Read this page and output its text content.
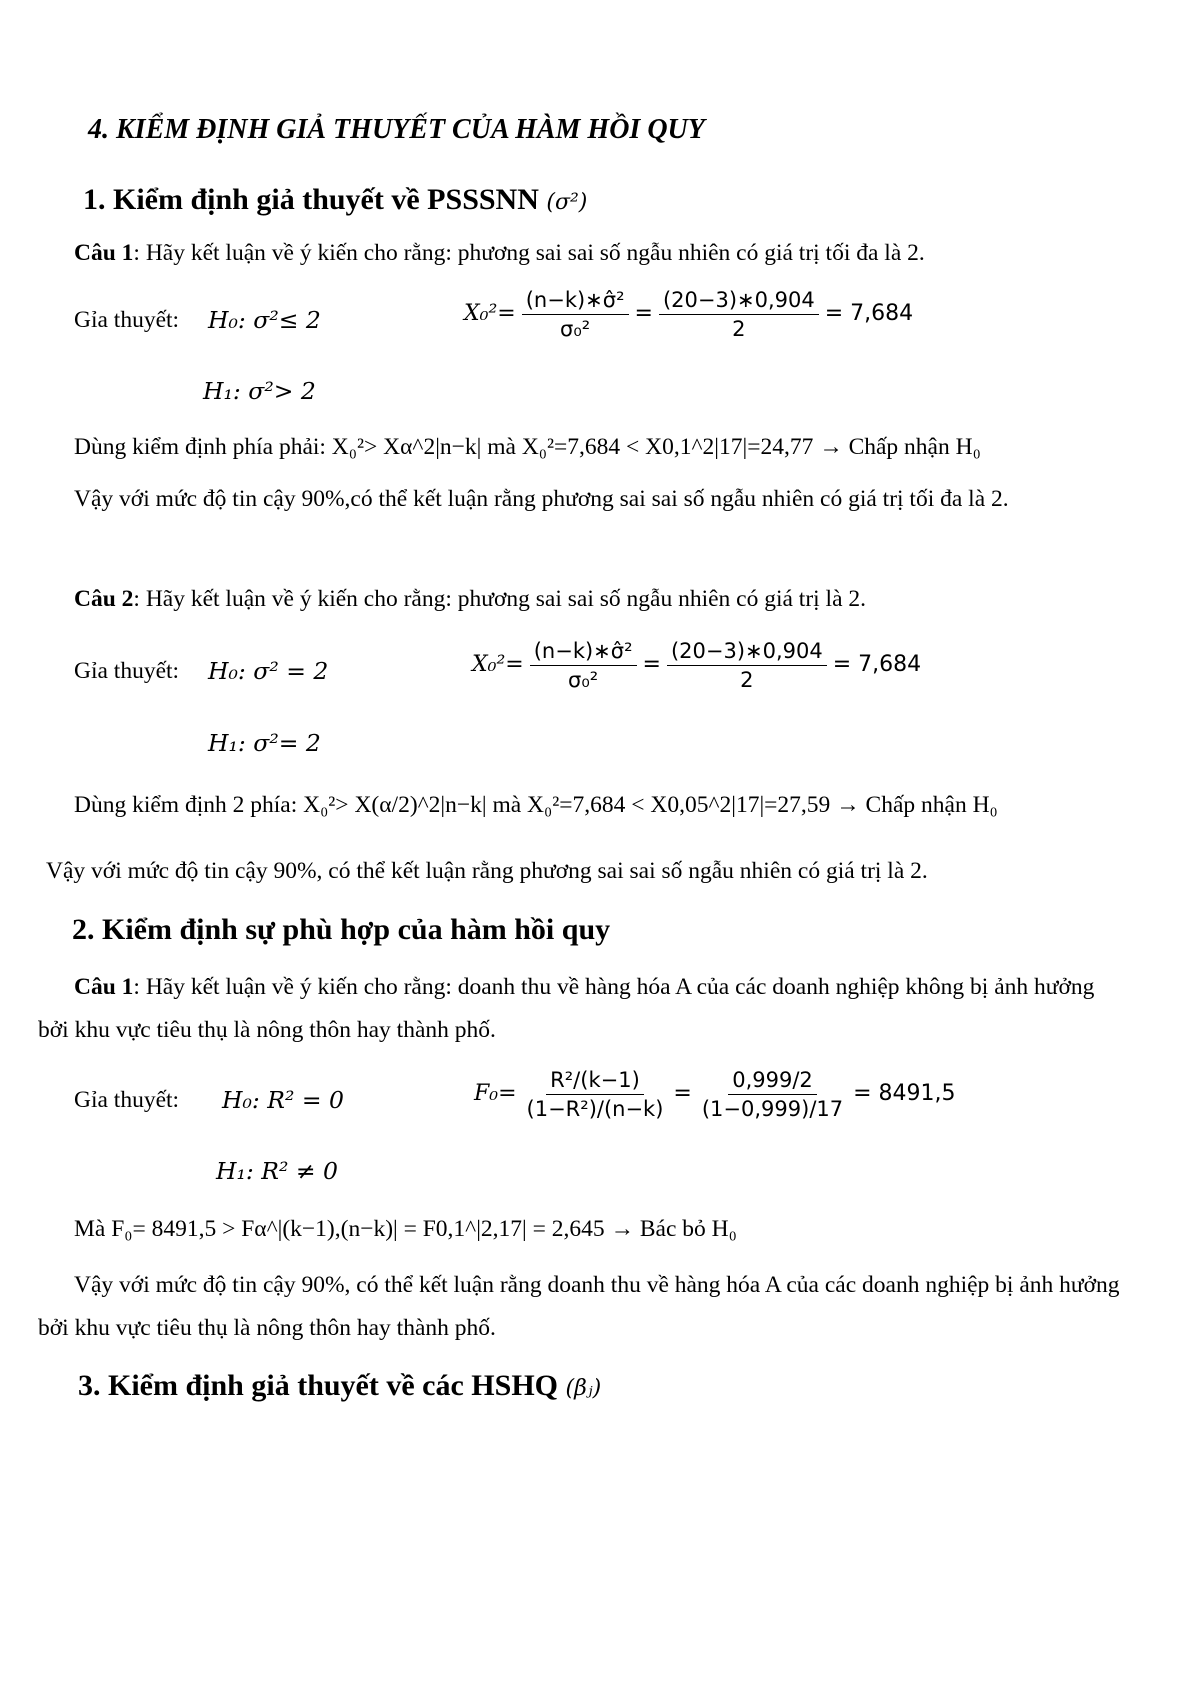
4. KIỂM ĐỊNH GIẢ THUYẾT CỦA HÀM HỒI QUY
1. Kiểm định giả thuyết về PSSSNN (σ²)
Câu 1: Hãy kết luận về ý kiến cho rằng: phương sai sai số ngẫu nhiên có giá trị tối đa là 2.
Gỉa thuyết: H₀: σ²≤ 2	$X_0^2= \frac{\text{(n−k)∗σ̂²}}{\text{σ₀²}} = \frac{(20-3)∗0,904}{2} = 7,684$
H₁: σ²> 2
Dùng kiểm định phía phải: X₀²> Xα^2|n−k| mà X₀²=7,684 < X0,1^2|17|=24,77 → Chấp nhận H₀
Vậy với mức độ tin cậy 90%,có thể kết luận rằng phương sai sai số ngẫu nhiên có giá trị tối đa là 2.
Câu 2: Hãy kết luận về ý kiến cho rằng: phương sai sai số ngẫu nhiên có giá trị là 2.
Gỉa thuyết: H₀: σ² = 2	$X_0^2= \frac{\text{(n−k)∗σ̂²}}{\text{σ₀²}} = \frac{(20-3)∗0,904}{2} = 7,684$
H₁: σ²= 2
Dùng kiểm định 2 phía: X₀²> X(α/2)^2|n−k| mà X₀²=7,684 < X0,05^2|17|=27,59 → Chấp nhận H₀
Vậy với mức độ tin cậy 90%, có thể kết luận rằng phương sai sai số ngẫu nhiên có giá trị là 2.
2. Kiểm định sự phù hợp của hàm hồi quy
Câu 1: Hãy kết luận về ý kiến cho rằng: doanh thu về hàng hóa A của các doanh nghiệp không bị ảnh hưởng bởi khu vực tiêu thụ là nông thôn hay thành phố.
Gỉa thuyết: H₀: R² = 0	$F_0= \frac{\text{R²/(k−1)}}{\text{(1−R²)/(n−k)}} = \frac{0,999/2}{(1-0,999)/17} = 8491,5$
H₁: R² ≠ 0
Mà F₀= 8491,5 > Fα^|(k−1),(n−k)| = F0,1^|2,17| = 2,645 → Bác bỏ H₀
Vậy với mức độ tin cậy 90%, có thể kết luận rằng doanh thu về hàng hóa A của các doanh nghiệp bị ảnh hưởng bởi khu vực tiêu thụ là nông thôn hay thành phố.
3. Kiểm định giả thuyết về các HSHQ (βⱼ)
